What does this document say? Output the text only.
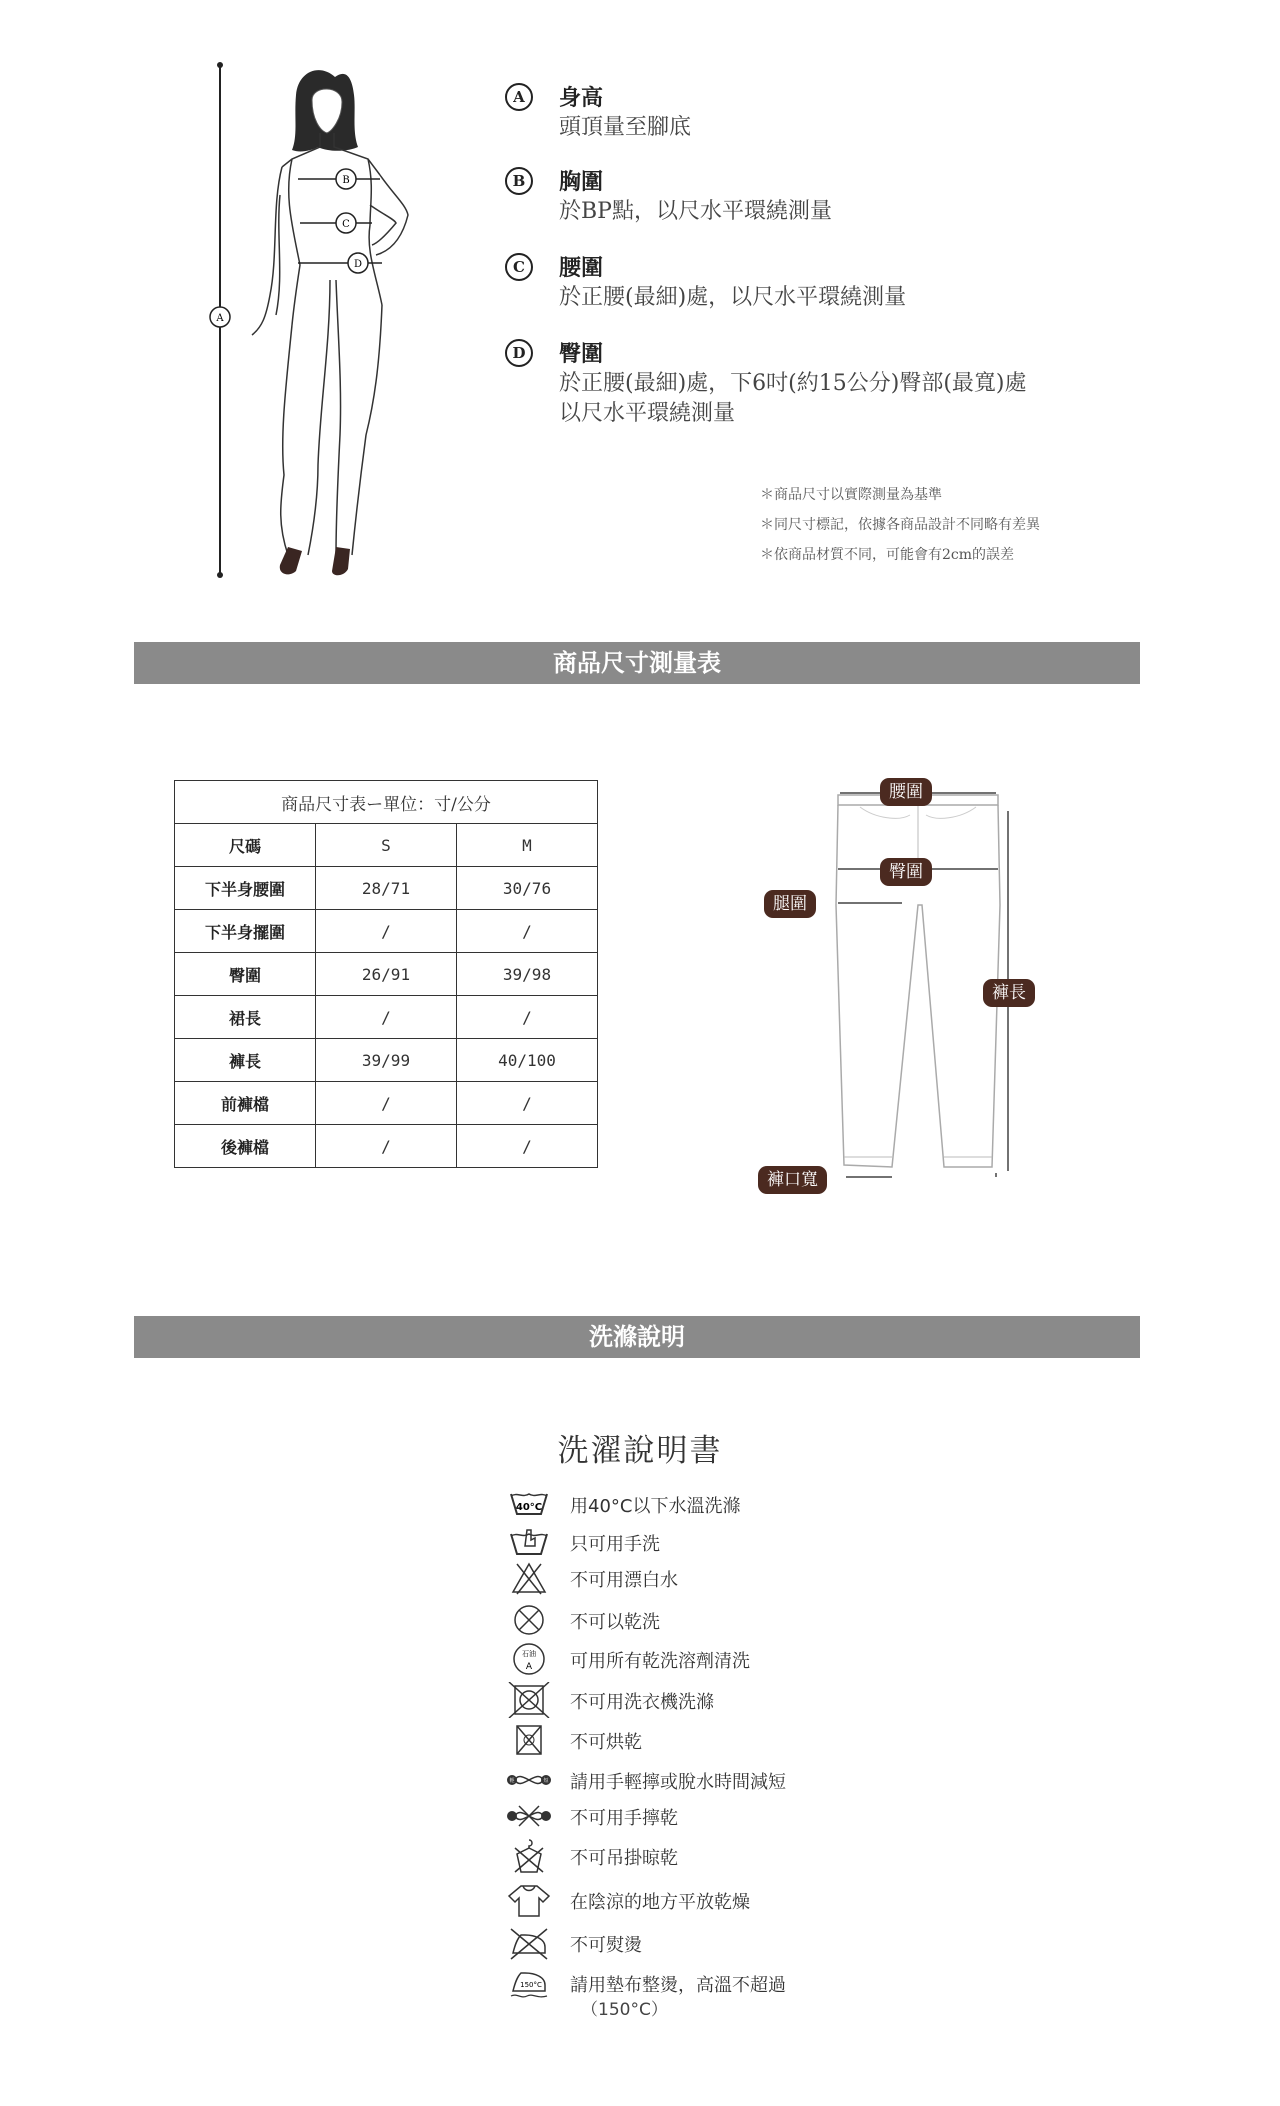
B
C
D
A
A	身高
頭頂量至腳底
B	胸圍
於BP點，以尺水平環繞測量
C	腰圍
於正腰(最細)處，以尺水平環繞測量
D	臀圍
於正腰(最細)處，下6吋(約15公分)臀部(最寬)處
以尺水平環繞測量
＊商品尺寸以實際測量為基準
＊同尺寸標記，依據各商品設計不同略有差異
＊依商品材質不同，可能會有2cm的誤差
商品尺寸測量表
商品尺寸表ー單位：寸/公分		
尺碼	S	M
下半身腰圍	28/71	30/76
下半身擺圍	/	/
臀圍	26/91	39/98
裙長	/	/
褲長	39/99	40/100
前褲檔	/	/
後褲檔	/	/
腰圍
臀圍
腿圍
褲長
褲口寬
洗滌說明
洗濯說明書
40°C 用40°C以下水溫洗滌
只可用手洗
不可用漂白水
不可以乾洗
石油
A 可用所有乾洗溶劑清洗
不可用洗衣機洗滌
不可烘乾
輕	短 請用手輕擰或脫水時間減短
不可用手擰乾
不可吊掛晾乾
在陰涼的地方平放乾燥
不可熨燙
150°C 請用墊布整燙，高溫不超過
（150°C）
